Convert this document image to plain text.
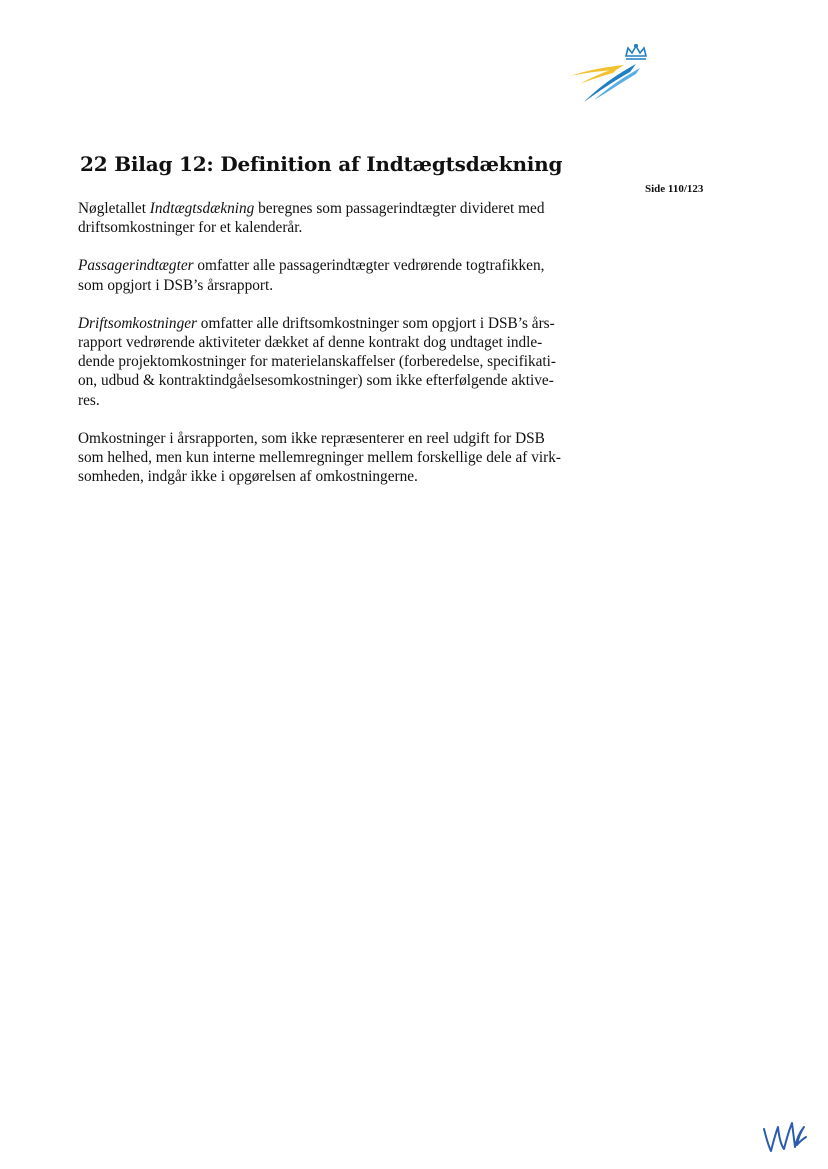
22 Bilag 12: Definition af Indtægtsdækning
Side 110/123

Nøgletallet Indtægtsdækning beregnes som passagerindtægter divideret med
driftsomkostninger for et kalenderår.

Passagerindtægter omfatter alle passagerindtægter vedrørende togtrafikken,
som opgjort i DSB’s årsrapport.

Driftsomkostninger omfatter alle driftsomkostninger som opgjort i DSB’s års-
rapport vedrørende aktiviteter dækket af denne kontrakt dog undtaget indle-
dende projektomkostninger for materielanskaffelser (forberedelse, specifikati-
on, udbud & kontraktindgåelsesomkostninger) som ikke efterfølgende aktive-
res.

Omkostninger i årsrapporten, som ikke repræsenterer en reel udgift for DSB
som helhed, men kun interne mellemregninger mellem forskellige dele af virk-
somheden, indgår ikke i opgørelsen af omkostningerne.
